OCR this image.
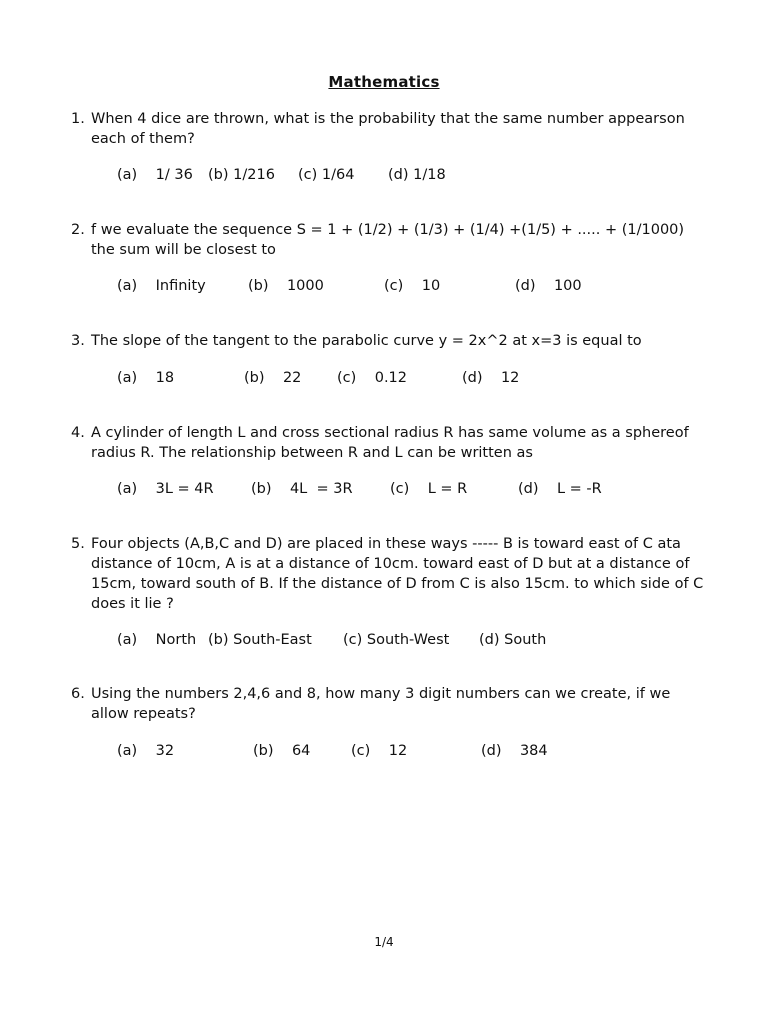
Mathematics
1. When 4 dice are thrown, what is the probability that the same number appearson each of them?
(a)    1/ 36 (b) 1/216 (c) 1/64 (d) 1/18
2. f we evaluate the sequence S = 1 + (1/2) + (1/3) + (1/4) +(1/5) + ..... + (1/1000) the sum will be closest to
(a)    Infinity	(b)    1000	(c)    10	(d)    100
3. The slope of the tangent to the parabolic curve y = 2x^2 at x=3 is equal to
(a)    18	(b)    22 (c)    0.12	(d)    12
4. A cylinder of length L and cross sectional radius R has same volume as a sphereof radius R. The relationship between R and L can be written as
(a)    3L = 4R	(b)    4L  = 3R	(c)    L = R	(d)    L = -R
5. Four objects (A,B,C and D) are placed in these ways ----- B is toward east of C ata distance of 10cm, A is at a distance of 10cm. toward east of D but at a distance of 15cm, toward south of B. If the distance of D from C is also 15cm. to which side of C does it lie ?
(a)    North (b) South-East (c) South-West (d) South
6. Using the numbers 2,4,6 and 8, how many 3 digit numbers can we create, if we allow repeats?
(a)    32	(b)    64	(c)    12	(d)    384
1/4
